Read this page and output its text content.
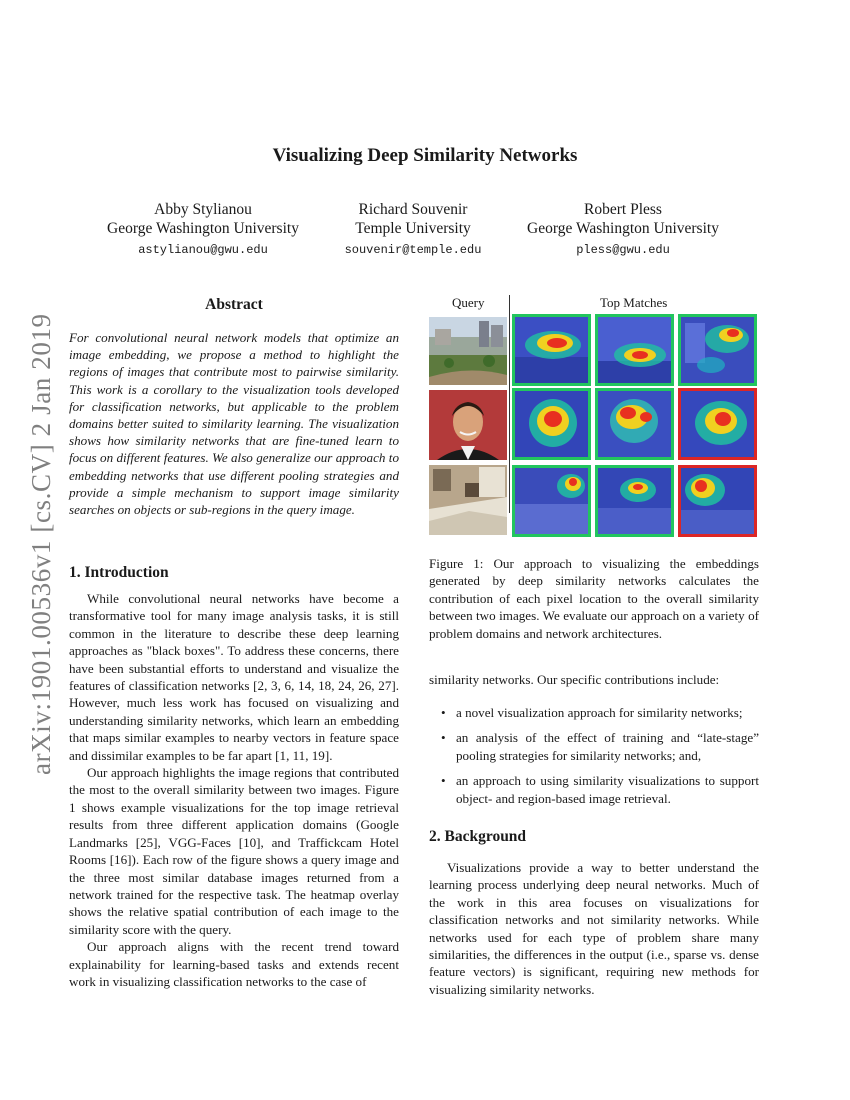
arXiv:1901.00536v1 [cs.CV] 2 Jan 2019
Visualizing Deep Similarity Networks
Abby Stylianou
George Washington University
astylianou@gwu.edu
Richard Souvenir
Temple University
souvenir@temple.edu
Robert Pless
George Washington University
pless@gwu.edu
Abstract

For convolutional neural network models that optimize an image embedding, we propose a method to highlight the regions of images that contribute most to pairwise similarity. This work is a corollary to the visualization tools developed for classification networks, but applicable to the problem domains better suited to similarity learning. The visualization shows how similarity networks that are fine-tuned learn to focus on different features. We also generalize our approach to embedding networks that use different pooling strategies and provide a simple mechanism to support image similarity searches on objects or sub-regions in the query image.

1. Introduction

While convolutional neural networks have become a transformative tool for many image analysis tasks, it is still common in the literature to describe these deep learning approaches as "black boxes". To address these concerns, there have been substantial efforts to understand and visualize the features of classification networks [2, 3, 6, 14, 18, 24, 26, 27]. However, much less work has focused on visualizing and understanding similarity networks, which learn an embedding that maps similar examples to nearby vectors in feature space and dissimilar examples to be far apart [1, 11, 19].

Our approach highlights the image regions that contributed the most to the overall similarity between two images. Figure 1 shows example visualizations for the top image retrieval results from three different application domains (Google Landmarks [25], VGG-Faces [10], and Traffickcam Hotel Rooms [16]). Each row of the figure shows a query image and the three most similar database images returned from a network trained for the respective task. The heatmap overlay shows the relative spatial contribution of each image to the similarity score with the query.

Our approach aligns with the recent trend toward explainability for learning-based tasks and extends recent work in visualizing classification networks to the case of

Query	Top Matches

Figure 1: Our approach to visualizing the embeddings generated by deep similarity networks calculates the contribution of each pixel location to the overall similarity between two images. We evaluate our approach on a variety of problem domains and network architectures.

similarity networks. Our specific contributions include:

• a novel visualization approach for similarity networks;
• an analysis of the effect of training and “late-stage” pooling strategies for similarity networks; and,
• an approach to using similarity visualizations to support object- and region-based image retrieval.
2. Background

Visualizations provide a way to better understand the learning process underlying deep neural networks. Much of the work in this area focuses on visualizations for classification networks and not similarity networks. While networks used for each type of problem share many similarities, the differences in the output (i.e., sparse vs. dense feature vectors) is significant, requiring new methods for visualizing similarity networks.
